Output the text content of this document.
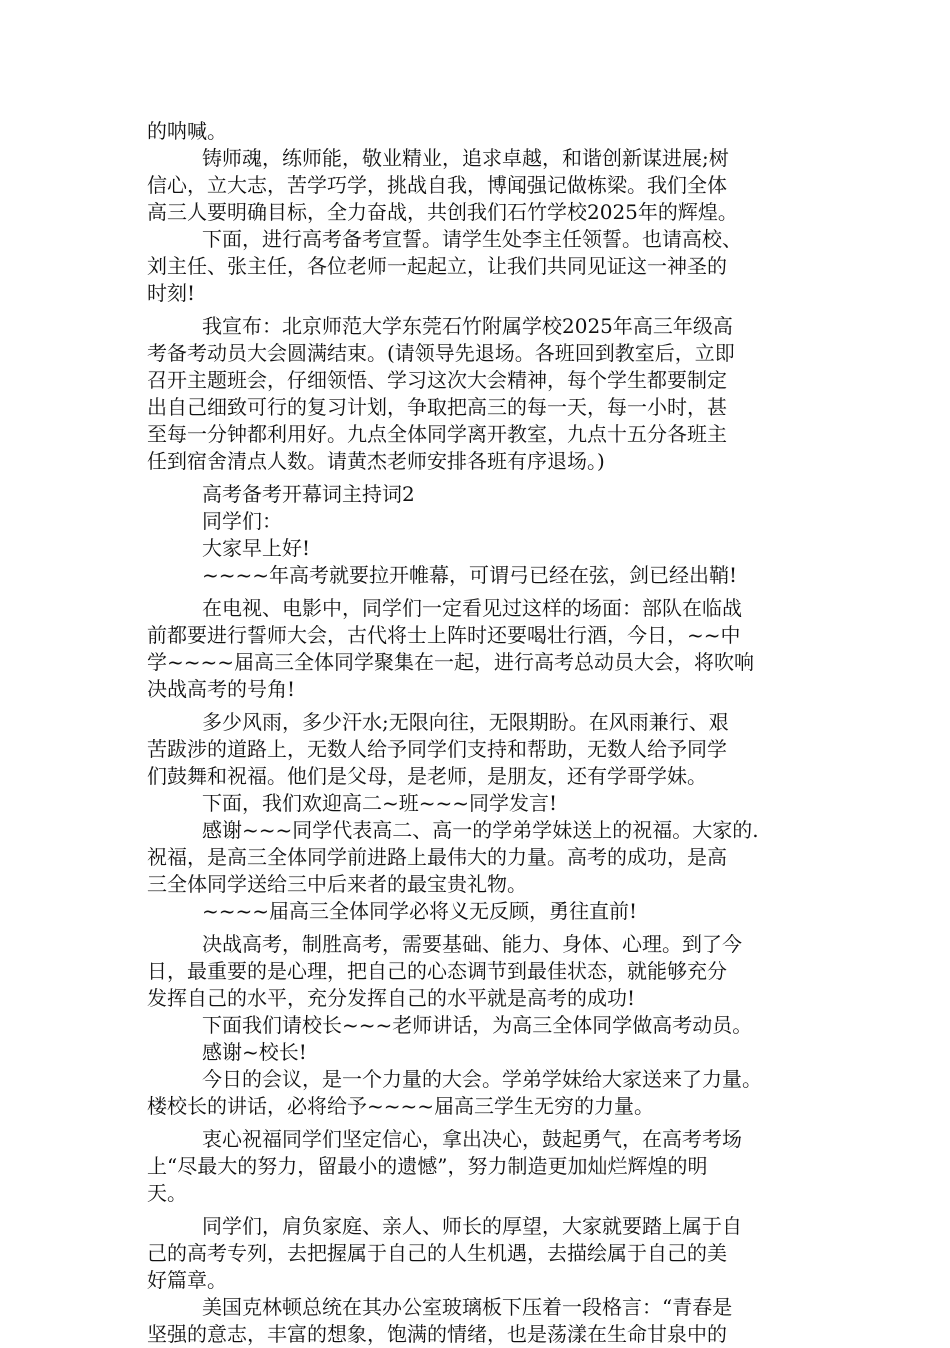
的呐喊。
铸师魂，练师能，敬业精业，追求卓越，和谐创新谋进展;树
信心，立大志，苦学巧学，挑战自我，博闻强记做栋梁。我们全体
高三人要明确目标，全力奋战，共创我们石竹学校2025年的辉煌。
下面，进行高考备考宣誓。请学生处李主任领誓。也请高校、
刘主任、张主任，各位老师一起起立，让我们共同见证这一神圣的
时刻!
我宣布：北京师范大学东莞石竹附属学校2025年高三年级高
考备考动员大会圆满结束。(请领导先退场。各班回到教室后，立即
召开主题班会，仔细领悟、学习这次大会精神，每个学生都要制定
出自己细致可行的复习计划，争取把高三的每一天，每一小时，甚
至每一分钟都利用好。九点全体同学离开教室，九点十五分各班主
任到宿舍清点人数。请黄杰老师安排各班有序退场。)
高考备考开幕词主持词2
同学们：
大家早上好!
~~~~年高考就要拉开帷幕，可谓弓已经在弦，剑已经出鞘!
在电视、电影中，同学们一定看见过这样的场面：部队在临战
前都要进行誓师大会，古代将士上阵时还要喝壮行酒，今日，~~中
学~~~~届高三全体同学聚集在一起，进行高考总动员大会，将吹响
决战高考的号角!
多少风雨，多少汗水;无限向往，无限期盼。在风雨兼行、艰
苦跋涉的道路上，无数人给予同学们支持和帮助，无数人给予同学
们鼓舞和祝福。他们是父母，是老师，是朋友，还有学哥学妹。
下面，我们欢迎高二~班~~~同学发言!
感谢~~~同学代表高二、高一的学弟学妹送上的祝福。大家的.
祝福，是高三全体同学前进路上最伟大的力量。高考的成功，是高
三全体同学送给三中后来者的最宝贵礼物。
~~~~届高三全体同学必将义无反顾，勇往直前!
决战高考，制胜高考，需要基础、能力、身体、心理。到了今
日，最重要的是心理，把自己的心态调节到最佳状态，就能够充分
发挥自己的水平，充分发挥自己的水平就是高考的成功!
下面我们请校长~~~老师讲话，为高三全体同学做高考动员。
感谢~校长!
今日的会议，是一个力量的大会。学弟学妹给大家送来了力量。
楼校长的讲话，必将给予~~~~届高三学生无穷的力量。
衷心祝福同学们坚定信心，拿出决心，鼓起勇气，在高考考场
上“尽最大的努力，留最小的遗憾”，努力制造更加灿烂辉煌的明
天。
同学们，肩负家庭、亲人、师长的厚望，大家就要踏上属于自
己的高考专列，去把握属于自己的人生机遇，去描绘属于自己的美
好篇章。
美国克林顿总统在其办公室玻璃板下压着一段格言：“青春是
坚强的意志，丰富的想象，饱满的情绪，也是荡漾在生命甘泉中的
